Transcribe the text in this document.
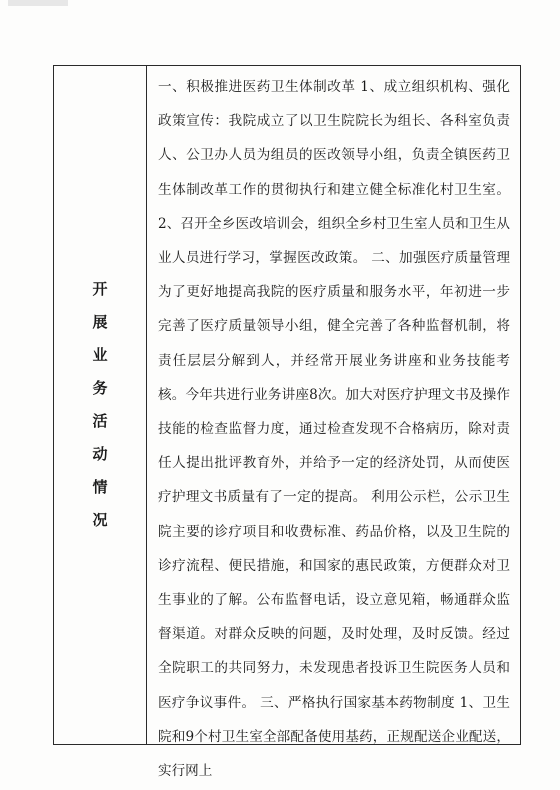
开展业务活动情况

一、积极推进医药卫生体制改革 1、成立组织机构、强化政策宣传：我院成立了以卫生院院长为组长、各科室负责人、公卫办人员为组员的医改领导小组，负责全镇医药卫生体制改革工作的贯彻执行和建立健全标准化村卫生室。 2、召开全乡医改培训会，组织全乡村卫生室人员和卫生从业人员进行学习，掌握医改政策。 二、加强医疗质量管理 为了更好地提高我院的医疗质量和服务水平，年初进一步完善了医疗质量领导小组，健全完善了各种监督机制，将责任层层分解到人，并经常开展业务讲座和业务技能考核。今年共进行业务讲座8次。加大对医疗护理文书及操作技能的检查监督力度，通过检查发现不合格病历，除对责任人提出批评教育外，并给予一定的经济处罚，从而使医疗护理文书质量有了一定的提高。 利用公示栏，公示卫生院主要的诊疗项目和收费标准、药品价格，以及卫生院的诊疗流程、便民措施，和国家的惠民政策，方便群众对卫生事业的了解。公布监督电话，设立意见箱，畅通群众监督渠道。对群众反映的问题，及时处理，及时反馈。经过全院职工的共同努力，未发现患者投诉卫生院医务人员和医疗争议事件。 三、严格执行国家基本药物制度 1、卫生院和9个村卫生室全部配备使用基药，正规配送企业配送，实行网上
